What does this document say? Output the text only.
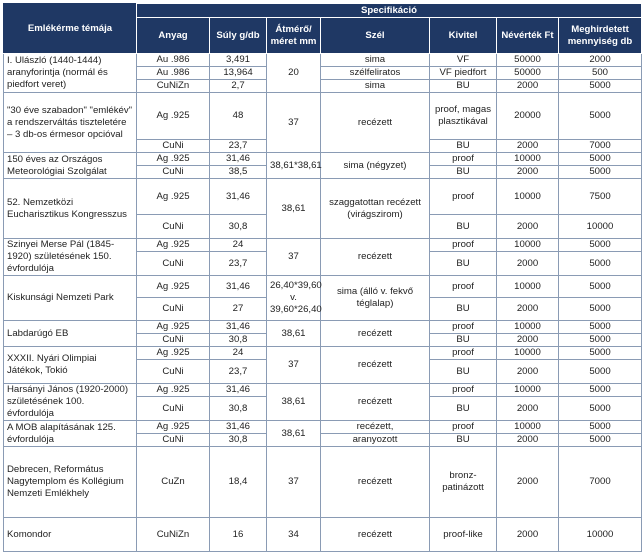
Emlékérme témája	Specifikáció						
	Anyag	Súly g/db	Átmérő/ méret mm	Szél	Kivitel	Névérték Ft	Meghirdetett mennyiség db
I. Ulászló (1440-1444) aranyforintja (normál és piedfort veret)	Au .986	3,491	20	sima	VF	50000	2000
	Au .986	13,964		szélfeliratos	VF piedfort	50000	500
	CuNiZn	2,7		sima	BU	2000	5000
"30 éve szabadon" "emlékév" a rendszerváltás tiszteletére – 3 db-os érmesor opcióval	Ag .925	48	37	recézett	proof, magas plasztikával	20000	5000
	CuNi	23,7			BU	2000	7000
150 éves az Országos Meteorológiai Szolgálat	Ag .925	31,46	38,61*38,61	sima (négyzet)	proof	10000	5000
	CuNi	38,5			BU	2000	5000
52. Nemzetközi Eucharisztikus Kongresszus	Ag .925	31,46	38,61	szaggatottan recézett (virágszirom)	proof	10000	7500
	CuNi	30,8			BU	2000	10000
Szinyei Merse Pál (1845-1920) születésének 150. évfordulója	Ag .925	24	37	recézett	proof	10000	5000
	CuNi	23,7			BU	2000	5000
Kiskunsági Nemzeti Park	Ag .925	31,46	26,40*39,60 v. 39,60*26,40	sima (álló v. fekvő téglalap)	proof	10000	5000
	CuNi	27			BU	2000	5000
Labdarúgó EB	Ag .925	31,46	38,61	recézett	proof	10000	5000
	CuNi	30,8			BU	2000	5000
XXXII. Nyári Olimpiai Játékok, Tokió	Ag .925	24	37	recézett	proof	10000	5000
	CuNi	23,7			BU	2000	5000
Harsányi János (1920-2000) születésének 100. évfordulója	Ag .925	31,46	38,61	recézett	proof	10000	5000
	CuNi	30,8			BU	2000	5000
A MOB alapításának 125. évfordulója	Ag .925	31,46	38,61	recézett,	proof	10000	5000
	CuNi	30,8		aranyozott	BU	2000	5000
Debrecen, Református Nagytemplom és Kollégium Nemzeti Emlékhely	CuZn	18,4	37	recézett	bronz-patinázott	2000	7000
Komondor	CuNiZn	16	34	recézett	proof-like	2000	10000
